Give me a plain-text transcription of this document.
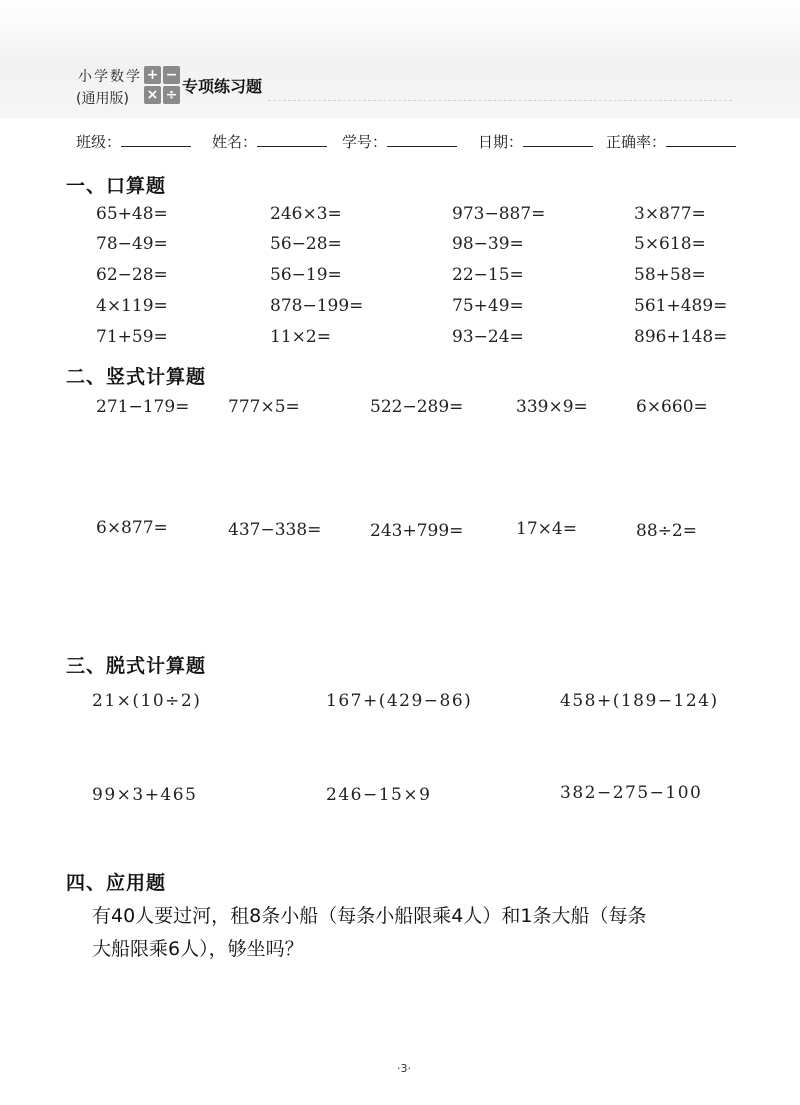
小学数学
(通用版)
+ −
× ÷ 专项练习题
班级：	姓名：	学号：	日期：	正确率：
一、口算题
65+48=	246×3=	973−887=	3×877=
78−49=	56−28=	98−39=	5×618=
62−28=	56−19=	22−15=	58+58=
4×119=	878−199=	75+49=	561+489=
71+59=	11×2=	93−24=	896+148=
二、竖式计算题
271−179= 777×5=	522−289=	339×9=	6×660=
6×877=	437−338=	243+799=	17×4=	88÷2=
三、脱式计算题
21×(10÷2)	167+(429−86)	458+(189−124)
99×3+465	246−15×9	382−275−100
四、应用题
有40人要过河，租8条小船（每条小船限乘4人）和1条大船（每条
大船限乘6人），够坐吗？
·3·
